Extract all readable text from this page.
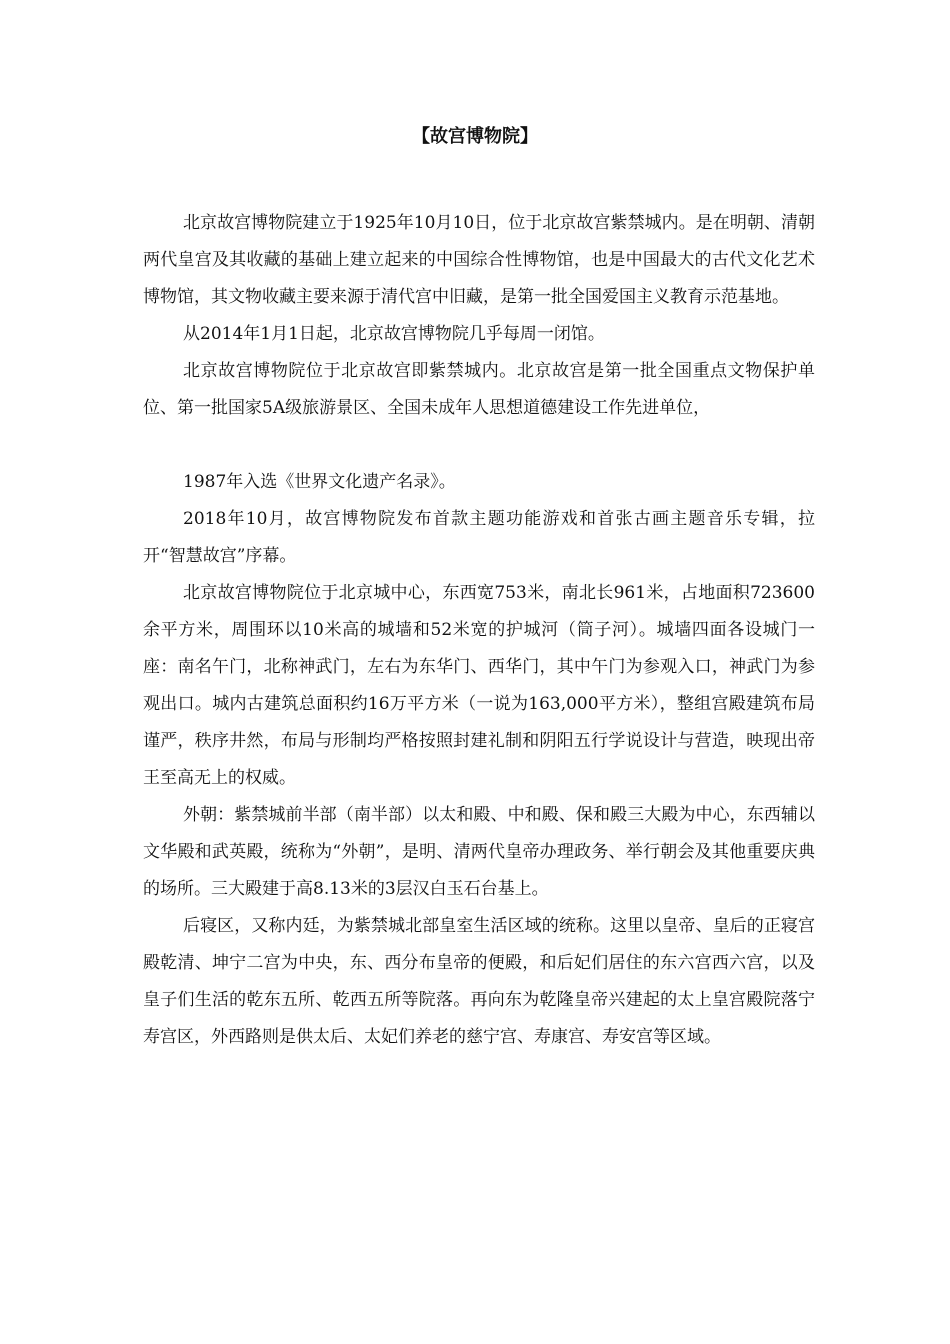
【故宫博物院】

北京故宫博物院建立于1925年10月10日，位于北京故宫紫禁城内。是在明朝、清朝两代皇宫及其收藏的基础上建立起来的中国综合性博物馆，也是中国最大的古代文化艺术博物馆，其文物收藏主要来源于清代宫中旧藏，是第一批全国爱国主义教育示范基地。

从2014年1月1日起，北京故宫博物院几乎每周一闭馆。

北京故宫博物院位于北京故宫即紫禁城内。北京故宫是第一批全国重点文物保护单位、第一批国家5A级旅游景区、全国未成年人思想道德建设工作先进单位，

1987年入选《世界文化遗产名录》。

2018年10月，故宫博物院发布首款主题功能游戏和首张古画主题音乐专辑，拉开“智慧故宫”序幕。

北京故宫博物院位于北京城中心，东西宽753米，南北长961米，占地面积723600余平方米，周围环以10米高的城墙和52米宽的护城河（筒子河）。城墙四面各设城门一座：南名午门，北称神武门，左右为东华门、西华门，其中午门为参观入口，神武门为参观出口。城内古建筑总面积约16万平方米（一说为163,000平方米），整组宫殿建筑布局谨严，秩序井然，布局与形制均严格按照封建礼制和阴阳五行学说设计与营造，映现出帝王至高无上的权威。

外朝：紫禁城前半部（南半部）以太和殿、中和殿、保和殿三大殿为中心，东西辅以文华殿和武英殿，统称为“外朝”，是明、清两代皇帝办理政务、举行朝会及其他重要庆典的场所。三大殿建于高8.13米的3层汉白玉石台基上。

后寝区，又称内廷，为紫禁城北部皇室生活区域的统称。这里以皇帝、皇后的正寝宫殿乾清、坤宁二宫为中央，东、西分布皇帝的便殿，和后妃们居住的东六宫西六宫，以及皇子们生活的乾东五所、乾西五所等院落。再向东为乾隆皇帝兴建起的太上皇宫殿院落宁寿宫区，外西路则是供太后、太妃们养老的慈宁宫、寿康宫、寿安宫等区域。
